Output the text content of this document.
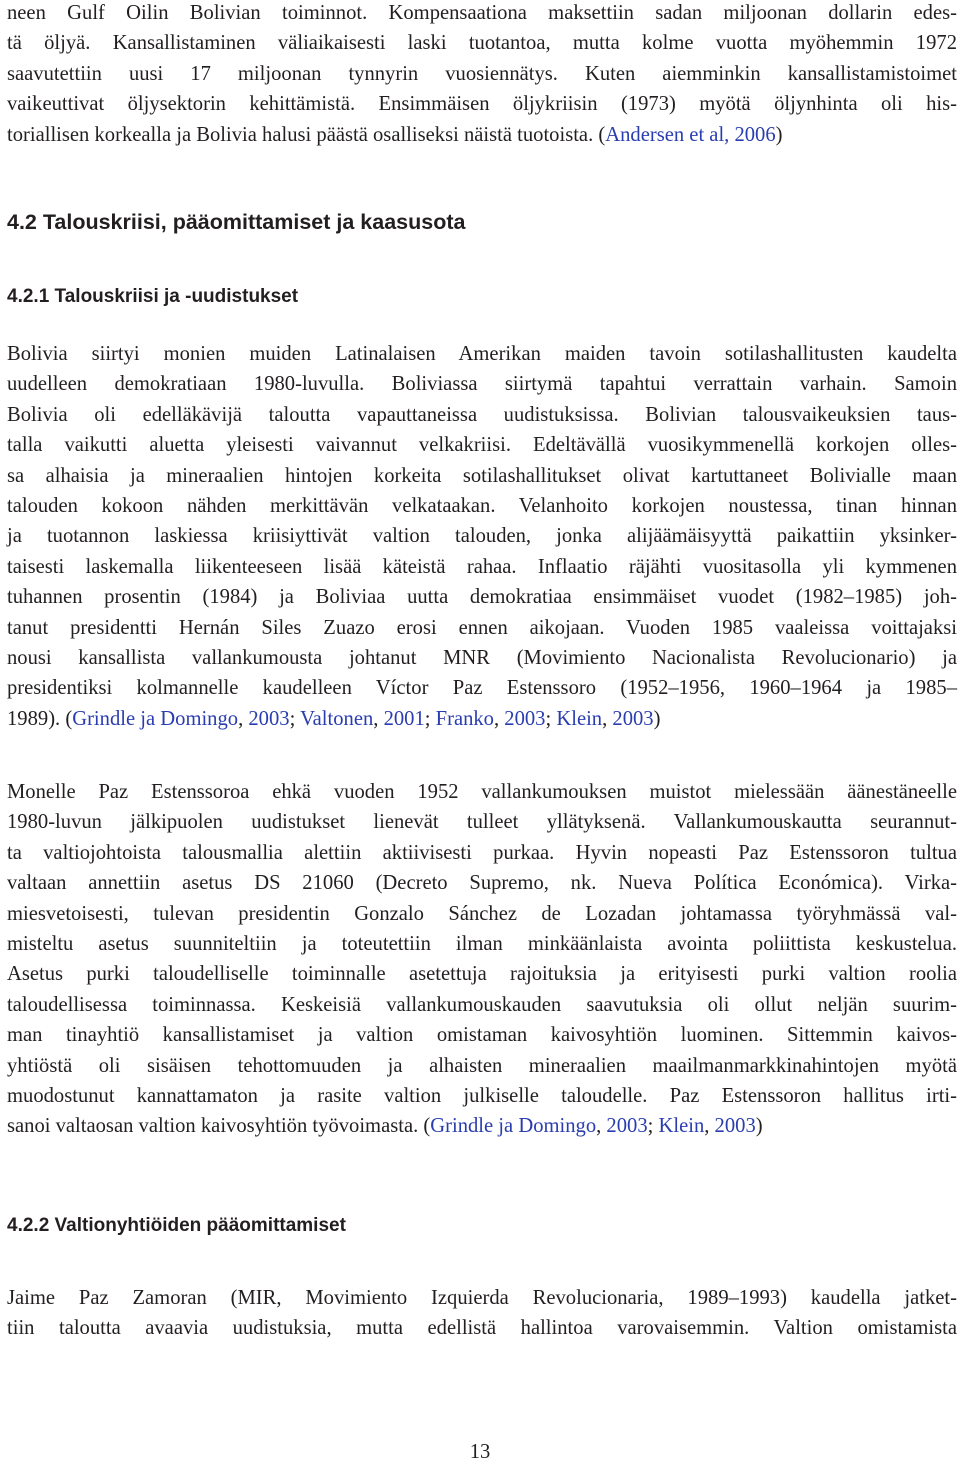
neen Gulf Oilin Bolivian toiminnot. Kompensaationa maksettiin sadan miljoonan dollarin edes-
tä öljyä. Kansallistaminen väliaikaisesti laski tuotantoa, mutta kolme vuotta myöhemmin 1972
saavutettiin uusi 17 miljoonan tynnyrin vuosiennätys. Kuten aiemminkin kansallistamistoimet
vaikeuttivat öljysektorin kehittämistä. Ensimmäisen öljykriisin (1973) myötä öljynhinta oli his-
toriallisen korkealla ja Bolivia halusi päästä osalliseksi näistä tuotoista. (Andersen et al, 2006)

4.2 Talouskriisi, pääomittamiset ja kaasusota
4.2.1 Talouskriisi ja -uudistukset

Bolivia siirtyi monien muiden Latinalaisen Amerikan maiden tavoin sotilashallitusten kaudelta
uudelleen demokratiaan 1980-luvulla. Boliviassa siirtymä tapahtui verrattain varhain. Samoin
Bolivia oli edelläkävijä taloutta vapauttaneissa uudistuksissa. Bolivian talousvaikeuksien taus-
talla vaikutti aluetta yleisesti vaivannut velkakriisi. Edeltävällä vuosikymmenellä korkojen olles-
sa alhaisia ja mineraalien hintojen korkeita sotilashallitukset olivat kartuttaneet Bolivialle maan
talouden kokoon nähden merkittävän velkataakan. Velanhoito korkojen noustessa, tinan hinnan
ja tuotannon laskiessa kriisiyttivät valtion talouden, jonka alijäämäisyyttä paikattiin yksinker-
taisesti laskemalla liikenteeseen lisää käteistä rahaa. Inflaatio räjähti vuositasolla yli kymmenen
tuhannen prosentin (1984) ja Boliviaa uutta demokratiaa ensimmäiset vuodet (1982–1985) joh-
tanut presidentti Hernán Siles Zuazo erosi ennen aikojaan. Vuoden 1985 vaaleissa voittajaksi
nousi kansallista vallankumousta johtanut MNR (Movimiento Nacionalista Revolucionario) ja
presidentiksi kolmannelle kaudelleen Víctor Paz Estenssoro (1952–1956, 1960–1964 ja 1985–
1989). (Grindle ja Domingo, 2003; Valtonen, 2001; Franko, 2003; Klein, 2003)

Monelle Paz Estenssoroa ehkä vuoden 1952 vallankumouksen muistot mielessään äänestäneelle
1980-luvun jälkipuolen uudistukset lienevät tulleet yllätyksenä. Vallankumouskautta seurannut-
ta valtiojohtoista talousmallia alettiin aktiivisesti purkaa. Hyvin nopeasti Paz Estenssoron tultua
valtaan annettiin asetus DS 21060 (Decreto Supremo, nk. Nueva Política Económica). Virka-
miesvetoisesti, tulevan presidentin Gonzalo Sánchez de Lozadan johtamassa työryhmässä val-
misteltu asetus suunniteltiin ja toteutettiin ilman minkäänlaista avointa poliittista keskustelua.
Asetus purki taloudelliselle toiminnalle asetettuja rajoituksia ja erityisesti purki valtion roolia
taloudellisessa toiminnassa. Keskeisiä vallankumouskauden saavutuksia oli ollut neljän suurim-
man tinayhtiö kansallistamiset ja valtion omistaman kaivosyhtiön luominen. Sittemmin kaivos-
yhtiöstä oli sisäisen tehottomuuden ja alhaisten mineraalien maailmanmarkkinahintojen myötä
muodostunut kannattamaton ja rasite valtion julkiselle taloudelle. Paz Estenssoron hallitus irti-
sanoi valtaosan valtion kaivosyhtiön työvoimasta. (Grindle ja Domingo, 2003; Klein, 2003)

4.2.2 Valtionyhtiöiden pääomittamiset

Jaime Paz Zamoran (MIR, Movimiento Izquierda Revolucionaria, 1989–1993) kaudella jatket-
tiin taloutta avaavia uudistuksia, mutta edellistä hallintoa varovaisemmin. Valtion omistamista

13
